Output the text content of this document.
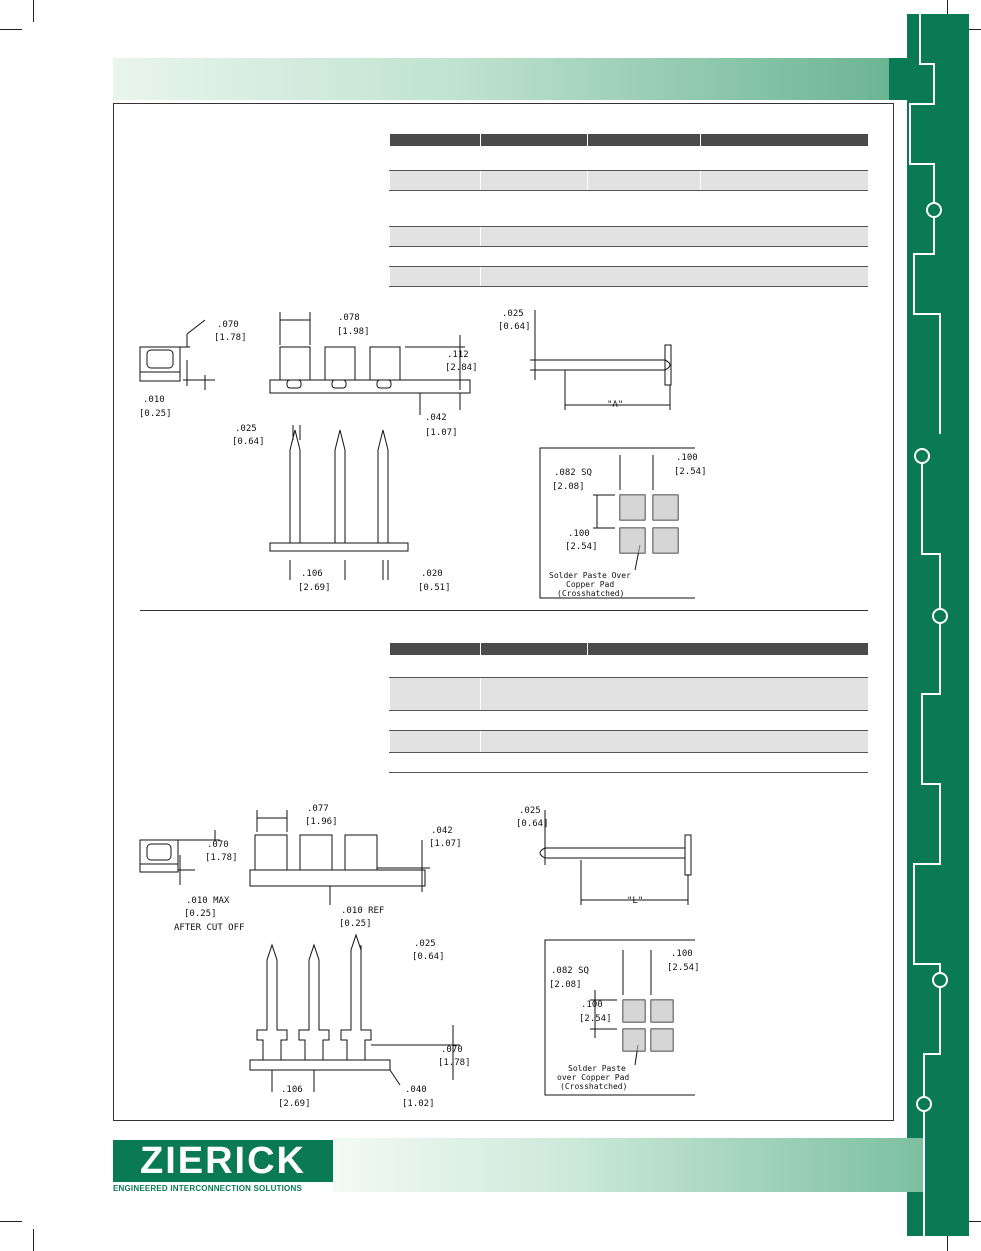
.070
[1.78]
.010
[0.25]
.078
[1.98]
.112
[2.84]
.042
[1.07]
.025
[0.64]
"A"
.025
[0.64]
.106
[2.69]
.020
[0.51]
.100
[2.54]
.082 SQ
[2.08]
.100
[2.54]
Solder Paste Over
Copper Pad
(Crosshatched)

.070
[1.78]
.010 MAX
[0.25]
AFTER CUT OFF
.077
[1.96]
.042
[1.07]
.010 REF
[0.25]
.025
[0.64]
"L"
.025
[0.64]
.070
[1.78]
.106
[2.69]
.040
[1.02]
.100
[2.54]
.082 SQ
[2.08]
.100
[2.54]
Solder Paste
over Copper Pad
(Crosshatched)
ZIERICK
ENGINEERED INTERCONNECTION SOLUTIONS
